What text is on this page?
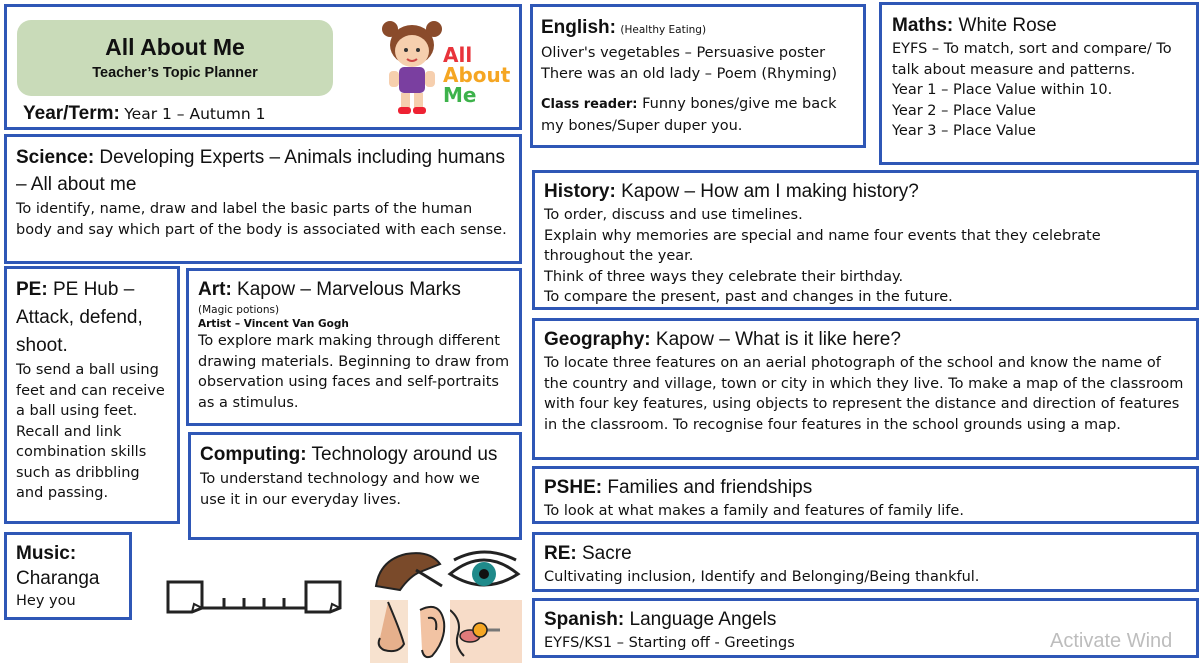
All About Me
Teacher’s Topic Planner
Year/Term: Year 1 – Autumn 1
All
About
Me

English: (Healthy Eating)

Oliver's vegetables – Persuasive poster

There was an old lady – Poem (Rhyming)

Class reader: Funny bones/give me back my bones/Super duper you.

Maths: White Rose

EYFS – To match, sort and compare/ To talk about measure and patterns.

Year 1 – Place Value within 10.

Year 2 – Place Value

Year 3 – Place Value

Science: Developing Experts – Animals including humans – All about me

To identify, name, draw and label the basic parts of the human body and say which part of the body is associated with each sense.

History: Kapow – How am I making history?

To order, discuss and use timelines.

Explain why memories are special and name four events that they celebrate throughout the year.

Think of three ways they celebrate their birthday.

To compare the present, past and changes in the future.

PE: PE Hub – Attack, defend, shoot.

To send a ball using feet and can receive a ball using feet. Recall and link combination skills such as dribbling and passing.

Art: Kapow – Marvelous Marks

(Magic potions)

Artist – Vincent Van Gogh

To explore mark making through different drawing materials. Beginning to draw from observation using faces and self-portraits as a stimulus.

Geography: Kapow – What is it like here?

To locate three features on an aerial photograph of the school and know the name of the country and village, town or city in which they live. To make a map of the classroom with four key features, using objects to represent the distance and direction of features in the classroom. To recognise four features in the school grounds using a map.

Computing: Technology around us

To understand technology and how we use it in our everyday lives.

PSHE: Families and friendships

To look at what makes a family and features of family life.

Music:

Charanga

Hey you

RE: Sacre

Cultivating inclusion, Identify and Belonging/Being thankful.

Spanish: Language Angels

EYFS/KS1 – Starting off - Greetings	Activate Wind
